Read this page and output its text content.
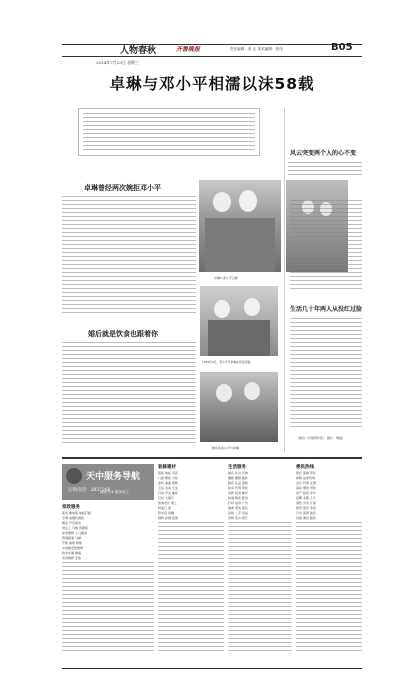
2014年7月23日 星期三
人物春秋	齐鲁晚报	责任编辑：张 正 美术编辑：张玮	B05
卓琳与邓小平相濡以沫58载
卓琳曾经两次婉拒邓小平
婚后就是饮食也跟着你
卓琳与邓小平合影
1939年9月，邓小平与卓琳在延安结婚。
晚年的邓小平与卓琳
风云突变两个人的心不变
生活几十年两人从没红过脸
（摘自《中国青年报》 图片：网络）
天中服务导航
订购电话：2837260
诚信为本 服务至上
家政服务
保洁 擦玻璃 地板打蜡
空调 油烟机清洗
搬家 开荒保洁
钟点工 月嫂 育婴师
家电维修 上门服务
管道疏通 马桶
开锁 换锁 修锁
水电暖安装维修
防水补漏 刷墙
家具维修 安装
装修建材
瓷砖 地板 吊顶
门窗 橱柜 衣柜
涂料 油漆 壁纸
卫浴 洁具 五金
灯具 开关 插座
石材 大理石
装饰设计 施工
防盗门 窗
阳光房 雨棚
钢构 彩钢 搭建
生活服务
婚庆 礼仪 庆典
摄影 摄像 婚纱
鲜花 礼品 蛋糕
租车 代驾 驾校
家教 培训 辅导
快递 物流 配送
打印 复印 广告
旅游 票务 酒店
回收 二手 旧货
宠物 花卉 园艺
便民热线
医疗 保健 养生
律师 法律咨询
会计 代账 注册
保险 理财 贷款
房产 租售 中介
招聘 求职 人才
餐饮 外卖 订餐
教育 留学 考试
汽车 保养 美容
其他 便民 服务
